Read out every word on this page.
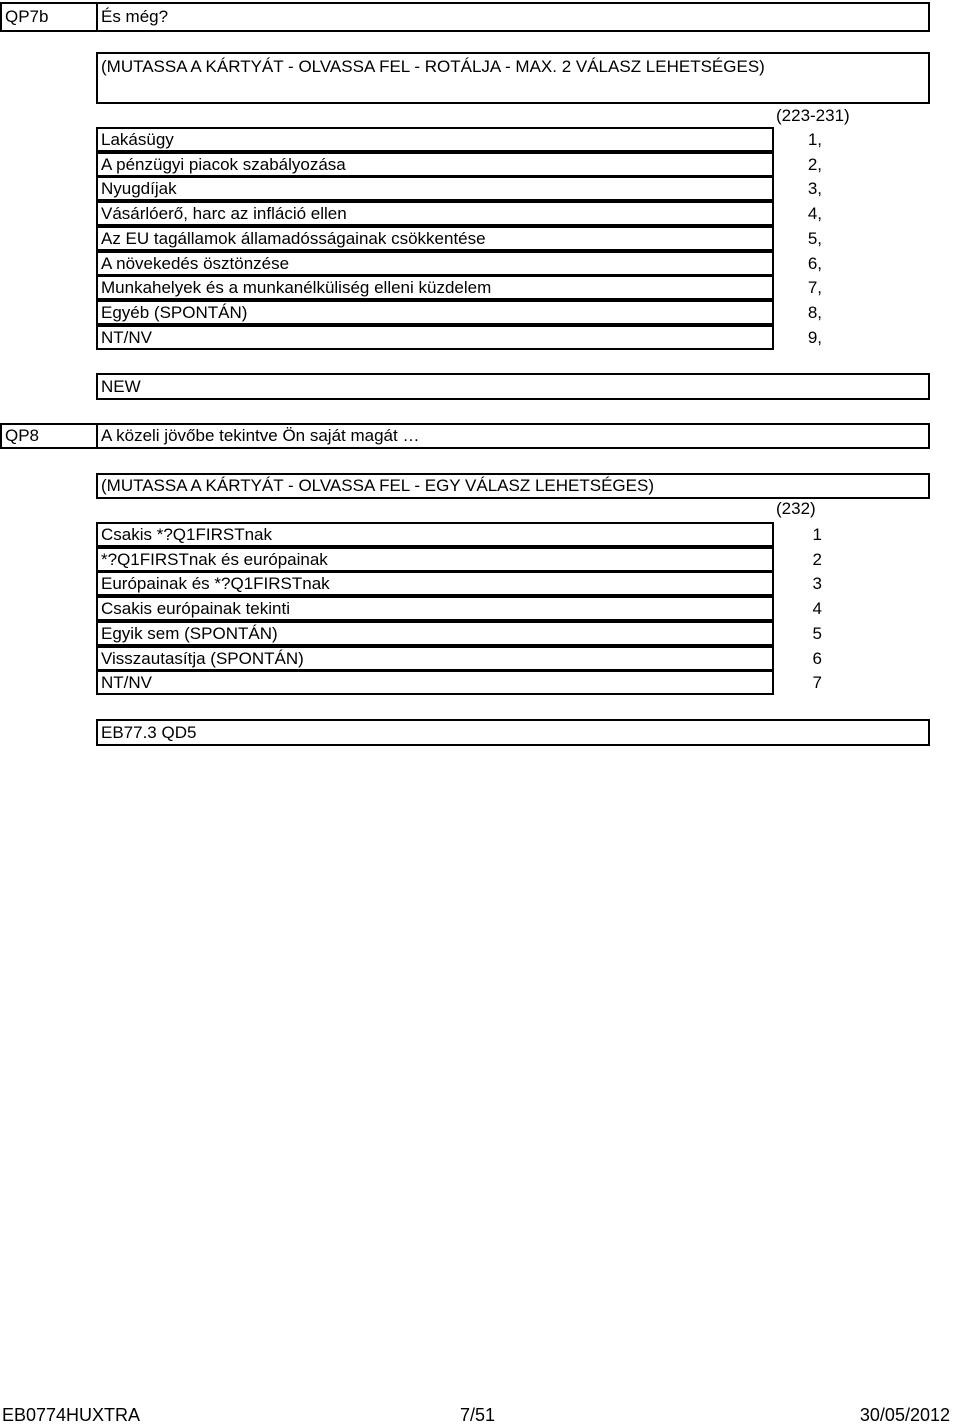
QP7b	És még?
(MUTASSA A KÁRTYÁT - OLVASSA FEL - ROTÁLJA - MAX. 2 VÁLASZ LEHETSÉGES)
(223-231)
Lakásügy	1,
A pénzügyi piacok szabályozása	2,
Nyugdíjak	3,
Vásárlóerő, harc az infláció ellen	4,
Az EU tagállamok államadósságainak csökkentése	5,
A növekedés ösztönzése	6,
Munkahelyek és a munkanélküliség elleni küzdelem	7,
Egyéb (SPONTÁN)	8,
NT/NV	9,
NEW
QP8	A közeli jövőbe tekintve Ön saját magát …
(MUTASSA A KÁRTYÁT - OLVASSA FEL - EGY VÁLASZ LEHETSÉGES)
(232)
Csakis *?Q1FIRSTnak	1
*?Q1FIRSTnak és európainak	2
Európainak és *?Q1FIRSTnak	3
Csakis európainak tekinti	4
Egyik sem (SPONTÁN)	5
Visszautasítja (SPONTÁN)	6
NT/NV	7
EB77.3 QD5
EB0774HUXTRA	7/51	30/05/2012
